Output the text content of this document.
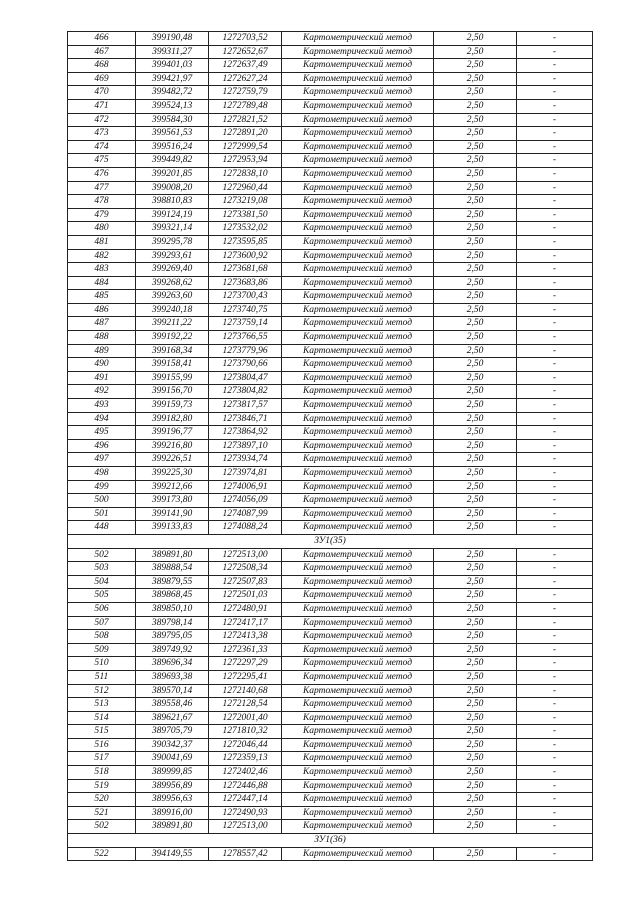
466	399190,48	1272703,52	Картометрический метод	2,50	-
467	399311,27	1272652,67	Картометрический метод	2,50	-
468	399401,03	1272637,49	Картометрический метод	2,50	-
469	399421,97	1272627,24	Картометрический метод	2,50	-
470	399482,72	1272759,79	Картометрический метод	2,50	-
471	399524,13	1272789,48	Картометрический метод	2,50	-
472	399584,30	1272821,52	Картометрический метод	2,50	-
473	399561,53	1272891,20	Картометрический метод	2,50	-
474	399516,24	1272999,54	Картометрический метод	2,50	-
475	399449,82	1272953,94	Картометрический метод	2,50	-
476	399201,85	1272838,10	Картометрический метод	2,50	-
477	399008,20	1272960,44	Картометрический метод	2,50	-
478	398810,83	1273219,08	Картометрический метод	2,50	-
479	399124,19	1273381,50	Картометрический метод	2,50	-
480	399321,14	1273532,02	Картометрический метод	2,50	-
481	399295,78	1273595,85	Картометрический метод	2,50	-
482	399293,61	1273600,92	Картометрический метод	2,50	-
483	399269,40	1273681,68	Картометрический метод	2,50	-
484	399268,62	1273683,86	Картометрический метод	2,50	-
485	399263,60	1273700,43	Картометрический метод	2,50	-
486	399240,18	1273740,75	Картометрический метод	2,50	-
487	399211,22	1273759,14	Картометрический метод	2,50	-
488	399192,22	1273766,55	Картометрический метод	2,50	-
489	399168,34	1273779,96	Картометрический метод	2,50	-
490	399158,41	1273790,66	Картометрический метод	2,50	-
491	399155,99	1273804,47	Картометрический метод	2,50	-
492	399156,70	1273804,82	Картометрический метод	2,50	-
493	399159,73	1273817,57	Картометрический метод	2,50	-
494	399182,80	1273846,71	Картометрический метод	2,50	-
495	399196,77	1273864,92	Картометрический метод	2,50	-
496	399216,80	1273897,10	Картометрический метод	2,50	-
497	399226,51	1273934,74	Картометрический метод	2,50	-
498	399225,30	1273974,81	Картометрический метод	2,50	-
499	399212,66	1274006,91	Картометрический метод	2,50	-
500	399173,80	1274056,09	Картометрический метод	2,50	-
501	399141,90	1274087,99	Картометрический метод	2,50	-
448	399133,83	1274088,24	Картометрический метод	2,50	-
ЗУ1(35)					
502	389891,80	1272513,00	Картометрический метод	2,50	-
503	389888,54	1272508,34	Картометрический метод	2,50	-
504	389879,55	1272507,83	Картометрический метод	2,50	-
505	389868,45	1272501,03	Картометрический метод	2,50	-
506	389850,10	1272480,91	Картометрический метод	2,50	-
507	389798,14	1272417,17	Картометрический метод	2,50	-
508	389795,05	1272413,38	Картометрический метод	2,50	-
509	389749,92	1272361,33	Картометрический метод	2,50	-
510	389696,34	1272297,29	Картометрический метод	2,50	-
511	389693,38	1272295,41	Картометрический метод	2,50	-
512	389570,14	1272140,68	Картометрический метод	2,50	-
513	389558,46	1272128,54	Картометрический метод	2,50	-
514	389621,67	1272001,40	Картометрический метод	2,50	-
515	389705,79	1271810,32	Картометрический метод	2,50	-
516	390342,37	1272046,44	Картометрический метод	2,50	-
517	390041,69	1272359,13	Картометрический метод	2,50	-
518	389999,85	1272402,46	Картометрический метод	2,50	-
519	389956,89	1272446,88	Картометрический метод	2,50	-
520	389956,63	1272447,14	Картометрический метод	2,50	-
521	389916,00	1272490,93	Картометрический метод	2,50	-
502	389891,80	1272513,00	Картометрический метод	2,50	-
ЗУ1(36)					
522	394149,55	1278557,42	Картометрический метод	2,50	-
